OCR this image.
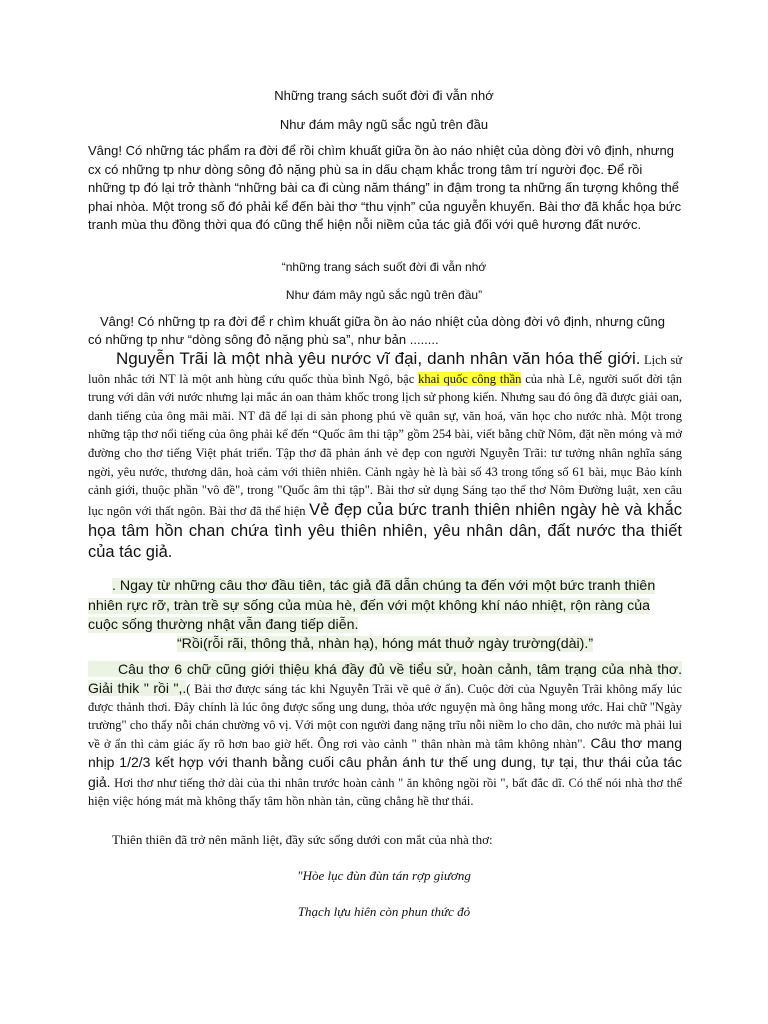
Những trang sách suốt đời đi vẫn nhớ

Như đám mây ngũ sắc ngủ trên đầu

Vâng! Có những tác phẩm ra đời để rồi chìm khuất giữa ồn ào náo nhiệt của dòng đời vô định, nhưng cx có những tp như dòng sông đỏ nặng phù sa in dấu chạm khắc trong tâm trí người đọc. Để rồi những tp đó lại trở thành “những bài ca đi cùng năm tháng” in đậm trong ta những ấn tượng không thể phai nhòa. Một trong số đó phải kể đến bài thơ “thu vịnh” của nguyễn khuyến. Bài thơ đã khắc họa bức tranh mùa thu đồng thời qua đó cũng thể hiện nỗi niềm của tác giả đối với quê hương đất nước.

“những trang sách suốt đời đi vẫn nhớ

Như đám mây ngủ sắc ngủ trên đầu”

Vâng! Có những tp ra đời để r chìm khuất giữa ồn ào náo nhiệt của dòng đời vô định, nhưng cũng có những tp như “dòng sông đỏ nặng phù sa”, như bản ........

Nguyễn Trãi là một nhà yêu nước vĩ đại, danh nhân văn hóa thế giới. Lịch sử luôn nhắc tới NT là một anh hùng cứu quốc thùa bình Ngô, bậc khai quốc công thần của nhà Lê, người suốt đời tận trung với dân với nước nhưng lại mắc án oan thảm khốc trong lịch sử phong kiến. Nhưng sau đó ông đã được giải oan, danh tiếng của ông mãi mãi. NT đã để lại di sản phong phú về quân sự, văn hoá, văn học cho nước nhà. Một trong những tập thơ nổi tiếng của ông phải kể đến “Quốc âm thi tập” gồm 254 bài, viết bằng chữ Nôm, đặt nền móng và mở đường cho thơ tiếng Việt phát triển. Tập thơ đã phản ánh vẻ đẹp con người Nguyễn Trãi: tư tưởng nhân nghĩa sáng ngời, yêu nước, thương dân, hoà cảm với thiên nhiên. Cảnh ngày hè là bài số 43 trong tổng số 61 bài, mục Bảo kính cảnh giới, thuộc phần "vô đề", trong "Quốc âm thi tập". Bài thơ sử dụng Sáng tạo thể thơ Nôm Đường luật, xen câu lục ngôn với thất ngôn. Bài thơ đã thể hiện Vẻ đẹp của bức tranh thiên nhiên ngày hè và khắc họa tâm hồn chan chứa tình yêu thiên nhiên, yêu nhân dân, đất nước tha thiết của tác giả.

. Ngay từ những câu thơ đầu tiên, tác giả đã dẫn chúng ta đến với một bức tranh thiên nhiên rực rỡ, tràn trề sự sống của mùa hè, đến với một không khí náo nhiệt, rộn ràng của cuộc sống thường nhật vẫn đang tiếp diễn.

“Rồi(rỗi rãi, thông thả, nhàn hạ), hóng mát thuở ngày trường(dài).”

Câu thơ 6 chữ cũng giới thiệu khá đầy đủ về tiểu sử, hoàn cảnh, tâm trạng của nhà thơ. Giải thik " rồi ",.( Bài thơ được sáng tác khi Nguyễn Trãi về quê ở ẩn). Cuộc đời của Nguyễn Trãi không mấy lúc được thảnh thơi. Đây chính là lúc ông được sống ung dung, thỏa ước nguyện mà ông hằng mong ước. Hai chữ "Ngày trường" cho thấy nỗi chán chường vô vị. Với một con người đang nặng trĩu nỗi niềm lo cho dân, cho nước mà phải lui về ở ẩn thì cảm giác ấy rõ hơn bao giờ hết. Ông rơi vào cảnh " thân nhàn mà tâm không nhàn". Câu thơ mang nhịp 1/2/3 kết hợp với thanh bằng cuối câu phản ánh tư thế ung dung, tự tại, thư thái của tác giả. Hơi thơ như tiếng thở dài của thi nhân trước hoàn cảnh " ăn không ngồi rồi ", bất đắc dĩ. Có thể nói nhà thơ thể hiện việc hóng mát mà không thấy tâm hồn nhàn tản, cũng chẳng hề thư thái.

Thiên thiên đã trở nên mãnh liệt, đầy sức sống dưới con mắt của nhà thơ:

"Hòe lục đùn đùn tán rợp giương

Thạch lựu hiên còn phun thức đỏ
